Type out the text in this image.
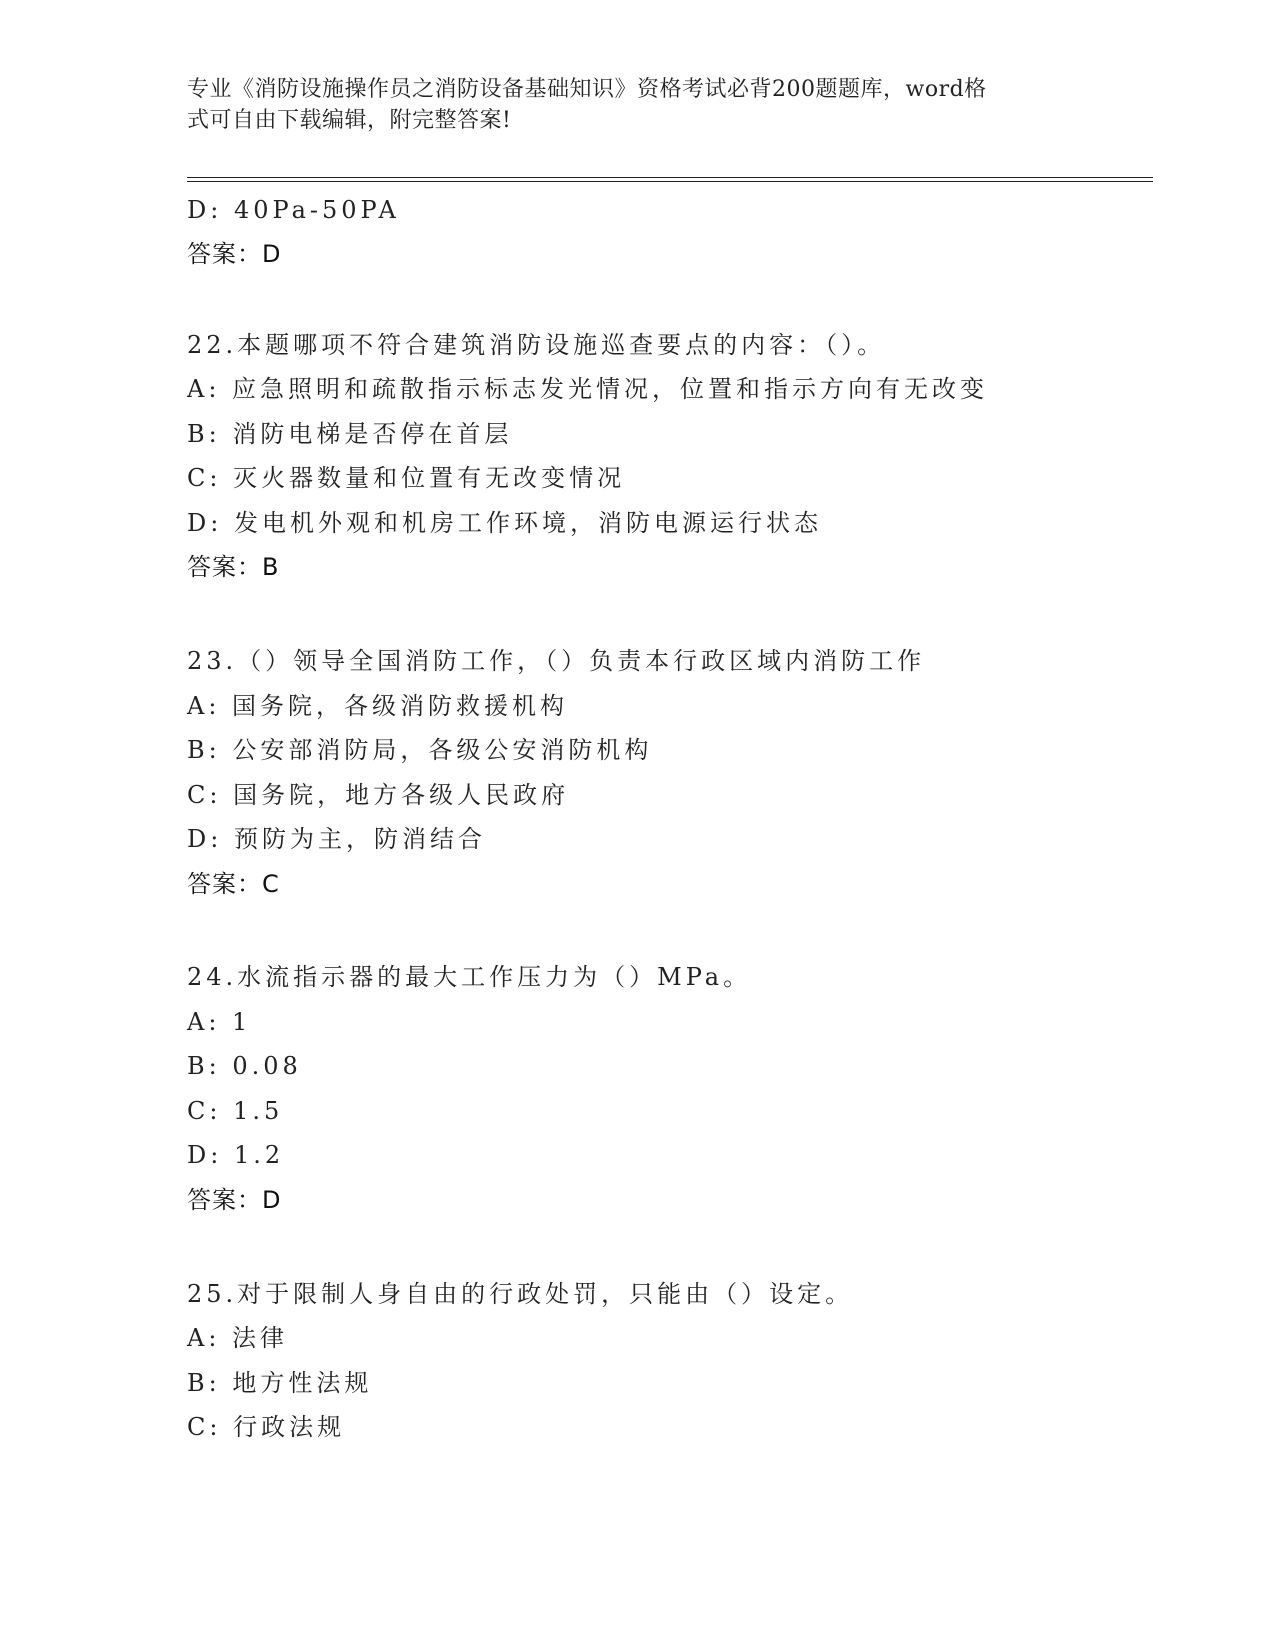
专业《消防设施操作员之消防设备基础知识》资格考试必背200题题库，word格
式可自由下载编辑，附完整答案!
D: 40Pa-50PA
答案：D
22.本题哪项不符合建筑消防设施巡查要点的内容：（）。
A: 应急照明和疏散指示标志发光情况，位置和指示方向有无改变
B: 消防电梯是否停在首层
C: 灭火器数量和位置有无改变情况
D: 发电机外观和机房工作环境，消防电源运行状态
答案：B
23.（）领导全国消防工作，（）负责本行政区域内消防工作
A: 国务院，各级消防救援机构
B: 公安部消防局，各级公安消防机构
C: 国务院，地方各级人民政府
D: 预防为主，防消结合
答案：C
24.水流指示器的最大工作压力为（）MPa。
A: 1
B: 0.08
C: 1.5
D: 1.2
答案：D
25.对于限制人身自由的行政处罚，只能由（）设定。
A: 法律
B: 地方性法规
C: 行政法规
